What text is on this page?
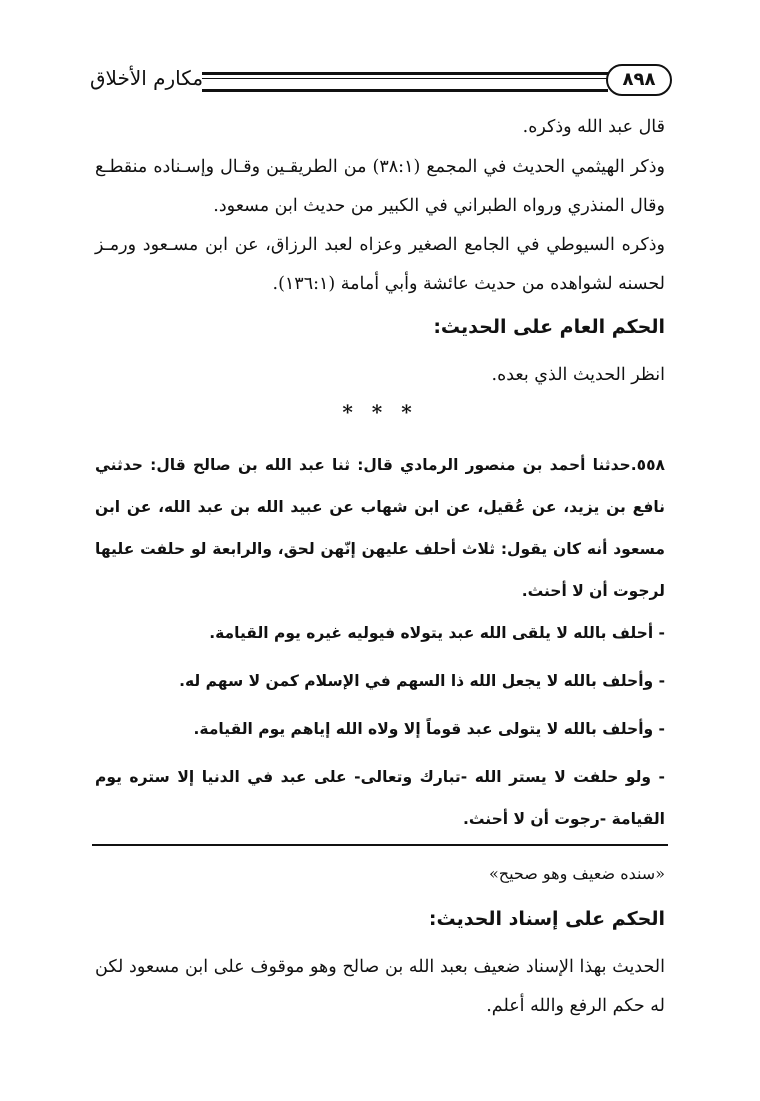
مكارم الأخلاق	٨٩٨

قال عبد الله وذكره.

وذكر الهيثمي الحديث في المجمع (٣٨:١) من الطريقـين وقـال وإسـناده منقطـع وقال المنذري ورواه الطبراني في الكبير من حديث ابن مسعود.

وذكره السيوطي في الجامع الصغير وعزاه لعبد الرزاق، عن ابن مسـعود ورمـز لحسنه لشواهده من حديث عائشة وأبي أمامة (١٣٦:١).

الحكم العام على الحديث:

انظر الحديث الذي بعده.

* * *

٥٥٨.حدثنا أحمد بن منصور الرمادي قال: ثنا عبد الله بن صالح قال: حدثني نافع بن يزيد، عن عُقيل، عن ابن شهاب عن عبيد الله بن عبد الله، عن ابن مسعود أنه كان يقول: ثلاث أحلف عليهن إنّهن لحق، والرابعة لو حلفت عليها لرجوت أن لا أحنث.

- أحلف بالله لا يلقى الله عبد يتولاه فيوليه غيره يوم القيامة.

- وأحلف بالله لا يجعل الله ذا السهم في الإسلام كمن لا سهم له.

- وأحلف بالله لا يتولى عبد قوماً إلا ولاه الله إياهم يوم القيامة.

- ولو حلفت لا يستر الله -تبارك وتعالى- على عبد في الدنيا إلا ستره يوم القيامة -رجوت أن لا أحنث.

«سنده ضعيف وهو صحيح»

الحكم على إسناد الحديث:

الحديث بهذا الإسناد ضعيف بعبد الله بن صالح وهو موقوف على ابن مسعود لكن له حكم الرفع والله أعلم.
